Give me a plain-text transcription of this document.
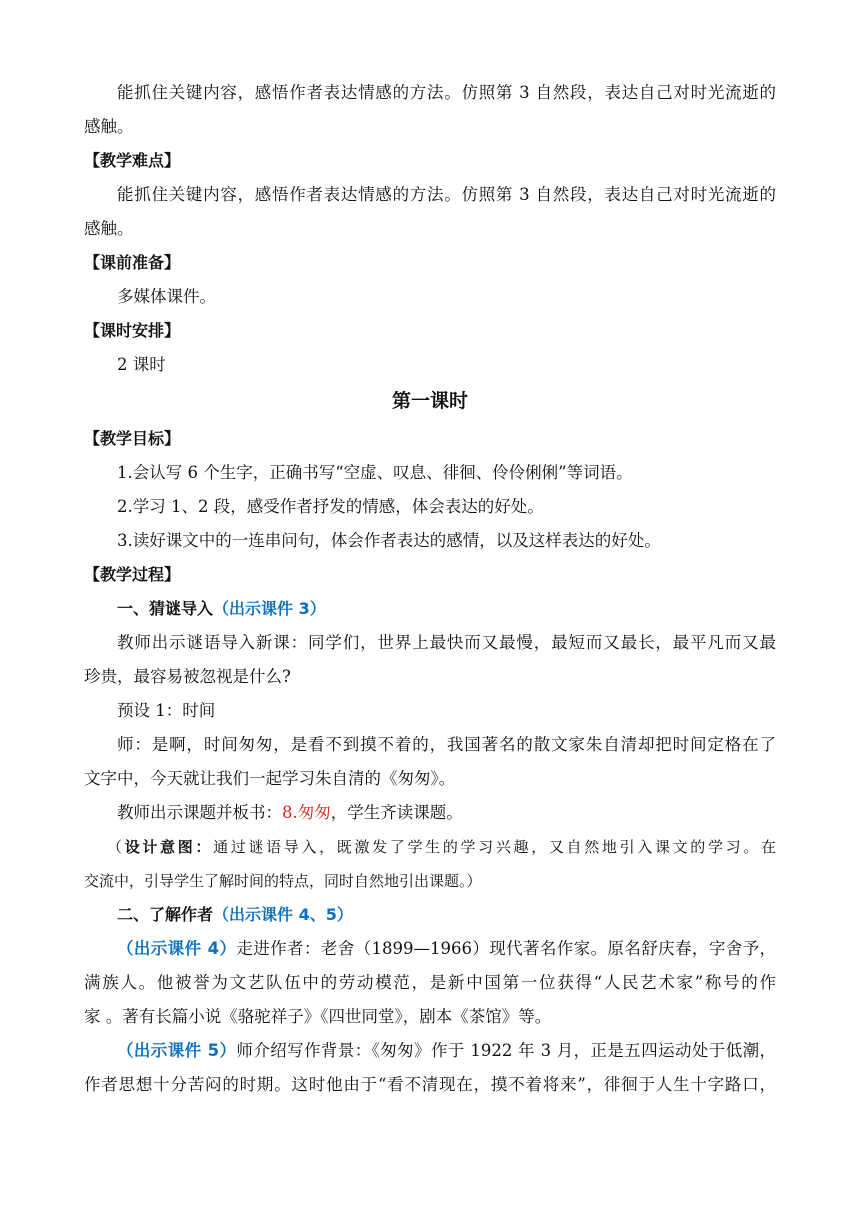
能抓住关键内容，感悟作者表达情感的方法。仿照第 3 自然段，表达自己对时光流逝的
感触。
【教学难点】
能抓住关键内容，感悟作者表达情感的方法。仿照第 3 自然段，表达自己对时光流逝的
感触。
【课前准备】
多媒体课件。
【课时安排】
2 课时
第一课时
【教学目标】
1.会认写 6 个生字，正确书写“空虚、叹息、徘徊、伶伶俐俐”等词语。
2.学习 1、2 段，感受作者抒发的情感，体会表达的好处。
3.读好课文中的一连串问句，体会作者表达的感情，以及这样表达的好处。
【教学过程】
一、猜谜导入（出示课件 3）
教师出示谜语导入新课：同学们，世界上最快而又最慢，最短而又最长，最平凡而又最
珍贵，最容易被忽视是什么?
预设 1：时间
师：是啊，时间匆匆，是看不到摸不着的，我国著名的散文家朱自清却把时间定格在了
文字中，今天就让我们一起学习朱自清的《匆匆》。
教师出示课题并板书：8.匆匆，学生齐读课题。
（设计意图：通过谜语导入，既激发了学生的学习兴趣，又自然地引入课文的学习。在
交流中，引导学生了解时间的特点，同时自然地引出课题。）
二、了解作者（出示课件 4、5）
（出示课件 4）走进作者：老舍（1899—1966）现代著名作家。原名舒庆春，字舍予，
满族人。他被誉为文艺队伍中的劳动模范，是新中国第一位获得“人民艺术家”称号的作
家 。著有长篇小说《骆驼祥子》《四世同堂》，剧本《茶馆》等。
（出示课件 5）师介绍写作背景：《匆匆》作于 1922 年 3 月，正是五四运动处于低潮，
作者思想十分苦闷的时期。这时他由于“看不清现在，摸不着将来”，徘徊于人生十字路口，
